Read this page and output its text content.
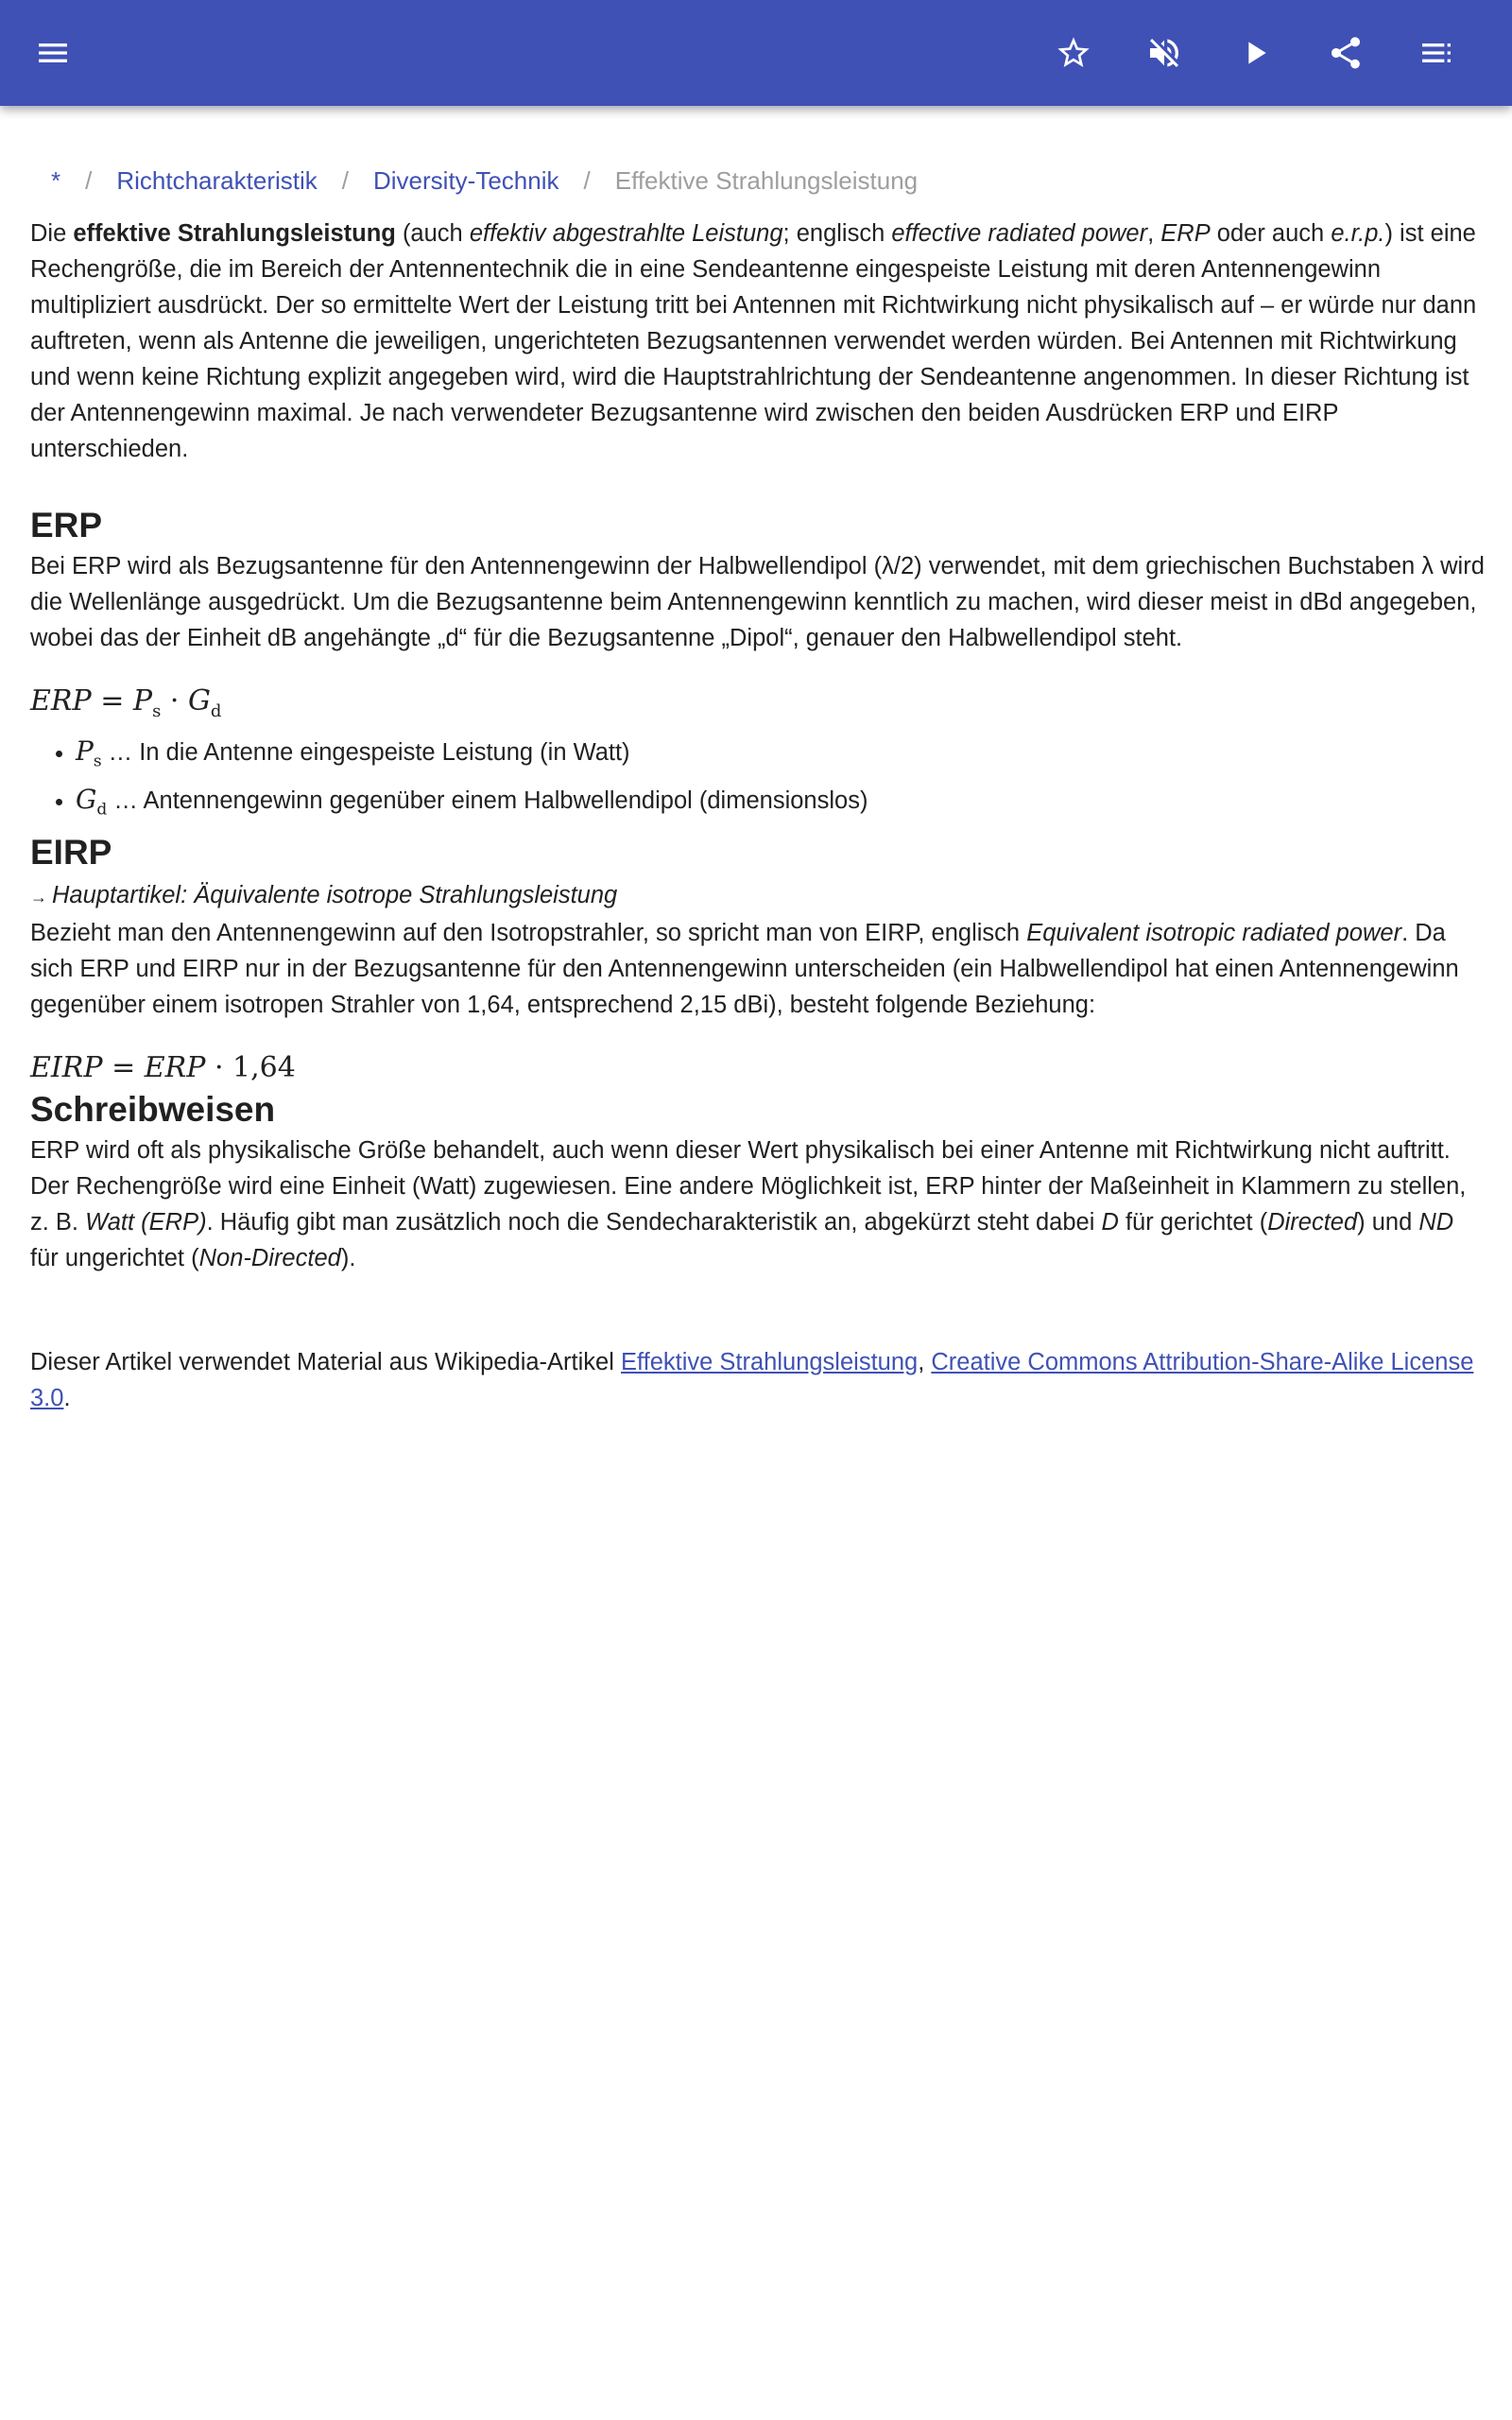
* / Richtcharakteristik / Diversity-Technik / Effektive Strahlungsleistung

Die effektive Strahlungsleistung (auch effektiv abgestrahlte Leistung; englisch effective radiated power, ERP oder auch e.r.p.) ist eine Rechengröße, die im Bereich der Antennentechnik die in eine Sendeantenne eingespeiste Leistung mit deren Antennengewinn multipliziert ausdrückt. Der so ermittelte Wert der Leistung tritt bei Antennen mit Richtwirkung nicht physikalisch auf – er würde nur dann auftreten, wenn als Antenne die jeweiligen, ungerichteten Bezugsantennen verwendet werden würden. Bei Antennen mit Richtwirkung und wenn keine Richtung explizit angegeben wird, wird die Hauptstrahlrichtung der Sendeantenne angenommen. In dieser Richtung ist der Antennengewinn maximal. Je nach verwendeter Bezugsantenne wird zwischen den beiden Ausdrücken ERP und EIRP unterschieden.

ERP

Bei ERP wird als Bezugsantenne für den Antennengewinn der Halbwellendipol (λ/2) verwendet, mit dem griechischen Buchstaben λ wird die Wellenlänge ausgedrückt. Um die Bezugsantenne beim Antennengewinn kenntlich zu machen, wird dieser meist in dBd angegeben, wobei das der Einheit dB angehängte „d“ für die Bezugsantenne „Dipol“, genauer den Halbwellendipol steht.

ERP = $P_s \cdot G_d$
• $P_s$ … In die Antenne eingespeiste Leistung (in Watt)
• $G_d$ … Antennengewinn gegenüber einem Halbwellendipol (dimensionslos)
EIRP

→ Hauptartikel: Äquivalente isotrope Strahlungsleistung

Bezieht man den Antennengewinn auf den Isotropstrahler, so spricht man von EIRP, englisch Equivalent isotropic radiated power. Da sich ERP und EIRP nur in der Bezugsantenne für den Antennengewinn unterscheiden (ein Halbwellendipol hat einen Antennengewinn gegenüber einem isotropen Strahler von 1,64, entsprechend 2,15 dBi), besteht folgende Beziehung:

EIRP = ERP · 1,64
Schreibweisen

ERP wird oft als physikalische Größe behandelt, auch wenn dieser Wert physikalisch bei einer Antenne mit Richtwirkung nicht auftritt. Der Rechengröße wird eine Einheit (Watt) zugewiesen. Eine andere Möglichkeit ist, ERP hinter der Maßeinheit in Klammern zu stellen, z. B. Watt (ERP). Häufig gibt man zusätzlich noch die Sendecharakteristik an, abgekürzt steht dabei D für gerichtet (Directed) und ND für ungerichtet (Non-Directed).

Dieser Artikel verwendet Material aus Wikipedia-Artikel Effektive Strahlungsleistung, Creative Commons Attribution-Share-Alike License 3.0.
